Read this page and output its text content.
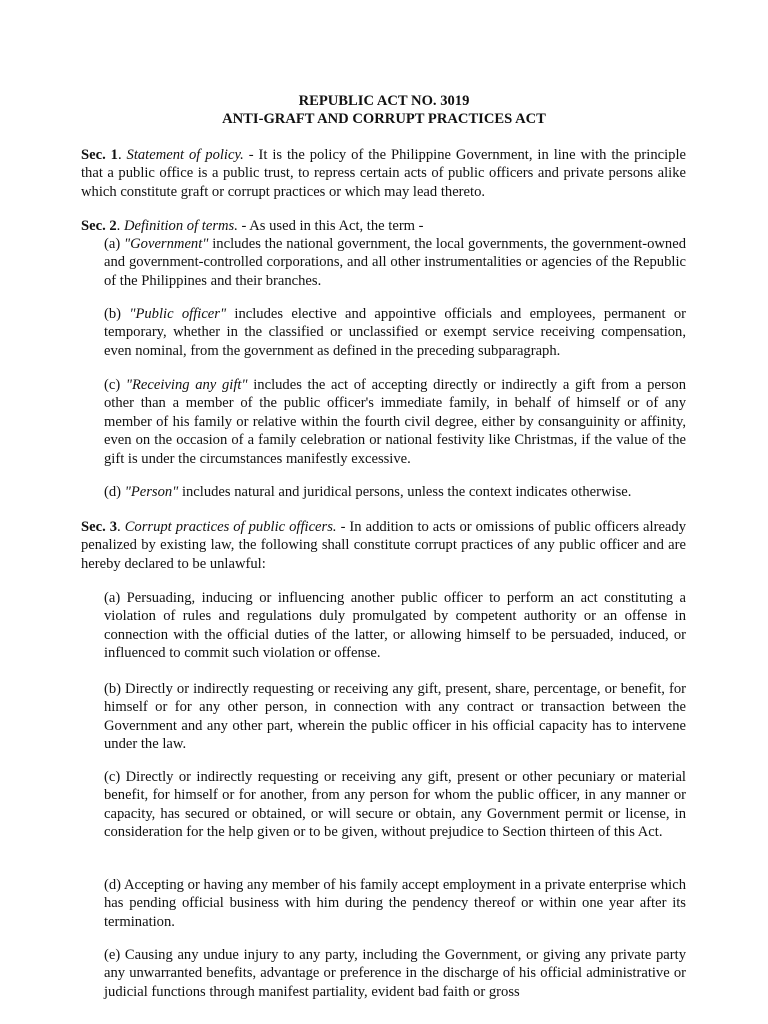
REPUBLIC ACT NO. 3019
ANTI-GRAFT AND CORRUPT PRACTICES ACT

Sec. 1. Statement of policy. - It is the policy of the Philippine Government, in line with the principle that a public office is a public trust, to repress certain acts of public officers and private persons alike which constitute graft or corrupt practices or which may lead thereto.

Sec. 2. Definition of terms. - As used in this Act, the term -

(a) "Government" includes the national government, the local governments, the government-owned and government-controlled corporations, and all other instrumentalities or agencies of the Republic of the Philippines and their branches.

(b) "Public officer" includes elective and appointive officials and employees, permanent or temporary, whether in the classified or unclassified or exempt service receiving compensation, even nominal, from the government as defined in the preceding subparagraph.

(c) "Receiving any gift" includes the act of accepting directly or indirectly a gift from a person other than a member of the public officer's immediate family, in behalf of himself or of any member of his family or relative within the fourth civil degree, either by consanguinity or affinity, even on the occasion of a family celebration or national festivity like Christmas, if the value of the gift is under the circumstances manifestly excessive.

(d) "Person" includes natural and juridical persons, unless the context indicates otherwise.

Sec. 3. Corrupt practices of public officers. - In addition to acts or omissions of public officers already penalized by existing law, the following shall constitute corrupt practices of any public officer and are hereby declared to be unlawful:

(a) Persuading, inducing or influencing another public officer to perform an act constituting a violation of rules and regulations duly promulgated by competent authority or an offense in connection with the official duties of the latter, or allowing himself to be persuaded, induced, or influenced to commit such violation or offense.

(b) Directly or indirectly requesting or receiving any gift, present, share, percentage, or benefit, for himself or for any other person, in connection with any contract or transaction between the Government and any other part, wherein the public officer in his official capacity has to intervene under the law.

(c) Directly or indirectly requesting or receiving any gift, present or other pecuniary or material benefit, for himself or for another, from any person for whom the public officer, in any manner or capacity, has secured or obtained, or will secure or obtain, any Government permit or license, in consideration for the help given or to be given, without prejudice to Section thirteen of this Act.

(d) Accepting or having any member of his family accept employment in a private enterprise which has pending official business with him during the pendency thereof or within one year after its termination.

(e) Causing any undue injury to any party, including the Government, or giving any private party any unwarranted benefits, advantage or preference in the discharge of his official administrative or judicial functions through manifest partiality, evident bad faith or gross
